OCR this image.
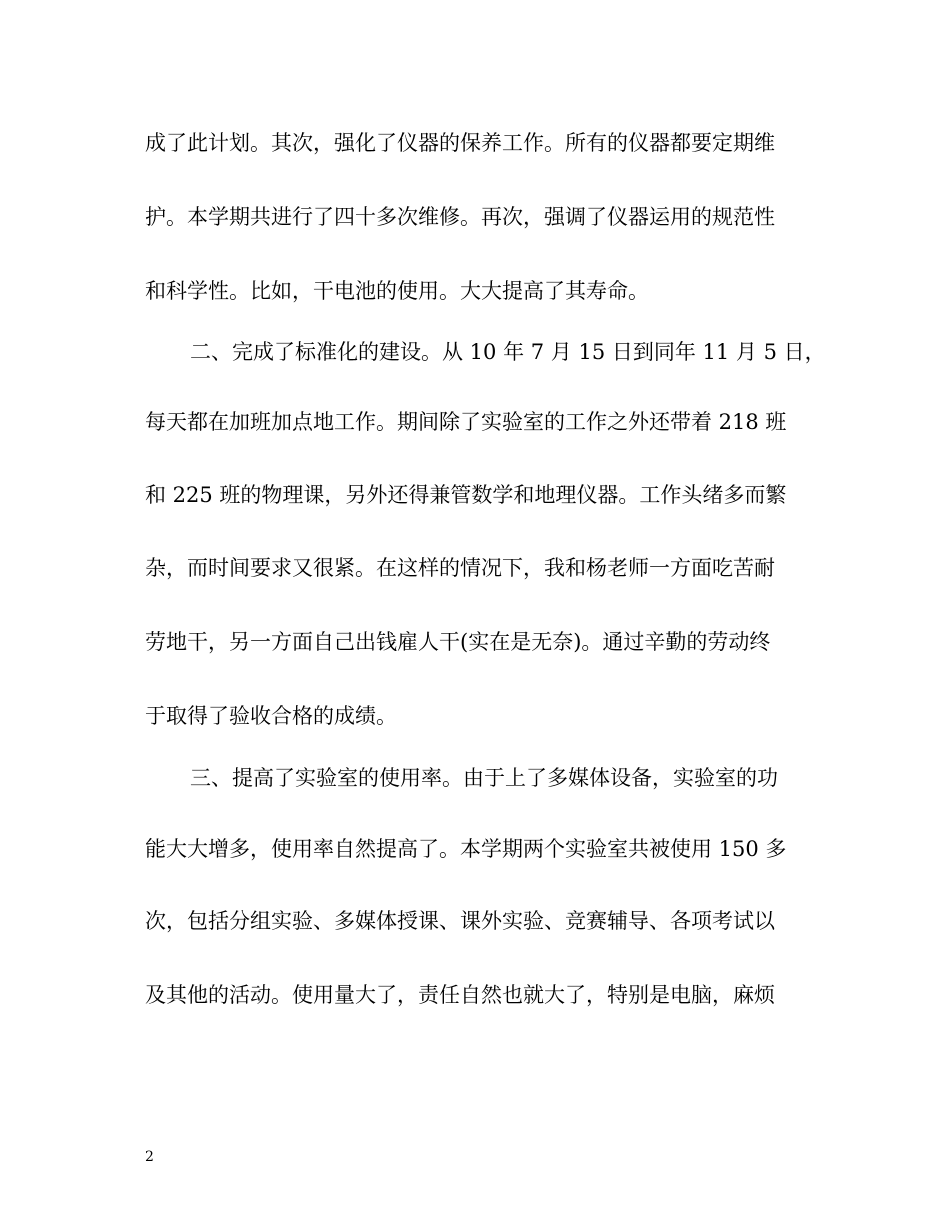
成了此计划。其次，强化了仪器的保养工作。所有的仪器都要定期维
护。本学期共进行了四十多次维修。再次，强调了仪器运用的规范性
和科学性。比如，干电池的使用。大大提高了其寿命。
二、完成了标准化的建设。从 10 年 7 月 15 日到同年 11 月 5 日，
每天都在加班加点地工作。期间除了实验室的工作之外还带着 218 班
和 225 班的物理课，另外还得兼管数学和地理仪器。工作头绪多而繁
杂，而时间要求又很紧。在这样的情况下，我和杨老师一方面吃苦耐
劳地干，另一方面自己出钱雇人干(实在是无奈)。通过辛勤的劳动终
于取得了验收合格的成绩。
三、提高了实验室的使用率。由于上了多媒体设备，实验室的功
能大大增多，使用率自然提高了。本学期两个实验室共被使用 150 多
次，包括分组实验、多媒体授课、课外实验、竞赛辅导、各项考试以
及其他的活动。使用量大了，责任自然也就大了，特别是电脑，麻烦
2
